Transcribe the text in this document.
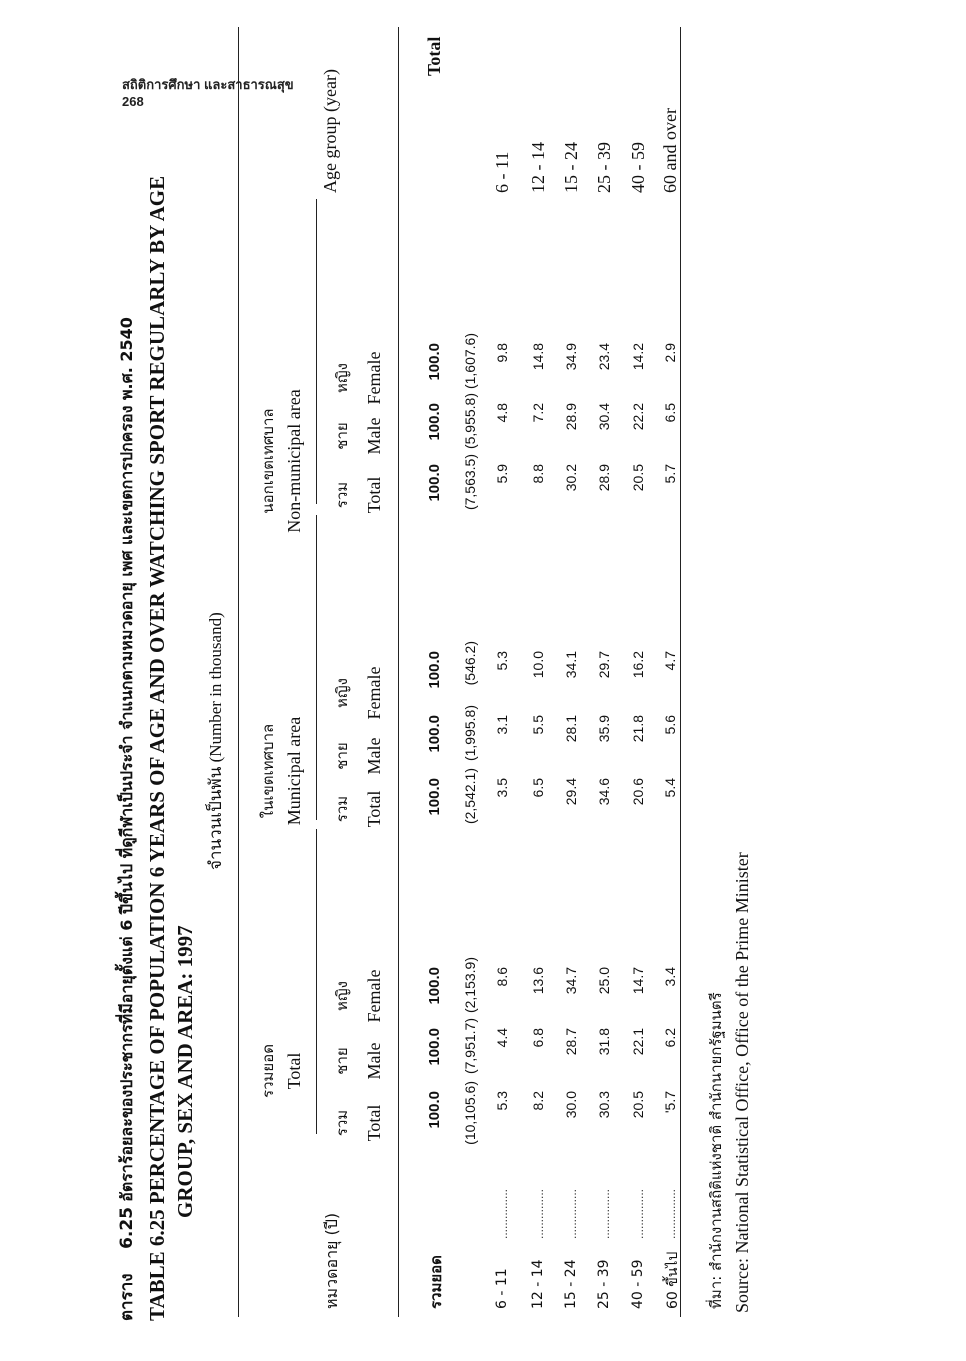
สถิติการศึกษา และสาธารณสุข
268
ตาราง  6.25 อัตราร้อยละของประชากรที่มีอายุตั้งแต่ 6 ปีขึ้นไป ที่ดูกีฬาเป็นประจำ จำแนกตามหมวดอายุ เพศ และเขตการปกครอง พ.ศ. 2540
TABLE 6.25 PERCENTAGE OF POPULATION 6 YEARS OF AGE AND OVER WATCHING SPORT REGULARLY BY AGE GROUP, SEX AND AREA: 1997
จำนวนเป็นพัน (Number in thousand)
หมวดอายุ (ปี)
Age group (year)
ที่มา: สำนักงานสถิติแห่งชาติ สำนักนายกรัฐมนตรี Source: National Statistical Office, Office of the Prime Minister
รวมยอด Total
รวม Total
ชาย Male
หญิง Female
ในเขตเทศบาล Municipal area รวม Total
ชาย Male
หญิง Female
นอกเขตเทศบาล Non-municipal area รวม Total
ชาย Male
หญิง Female
รวมยอด
Total
100.0
100.0
100.0
100.0
100.0
100.0
100.0
100.0
100.0
(10,105.6)
(7,951.7)
(2,153.9)
(2,542.1)
(1,995.8)
(546.2)
(7,563.5)
(5,955.8)
(1,607.6)
6 - 11
...............
6 - 11
5.3
4.4
8.6
3.5
3.1
5.3
5.9
4.8
9.8
12 - 14
...............
12 - 14
8.2
6.8
13.6
6.5
5.5
10.0
8.8
7.2
14.8
15 - 24
...............
15 - 24
30.0
28.7
34.7
29.4
28.1
34.1
30.2
28.9
34.9
25 - 39
...............
25 - 39
30.3
31.8
25.0
34.6
35.9
29.7
28.9
30.4
23.4
40 - 59
...............
40 - 59
20.5
22.1
14.7
20.6
21.8
16.2
20.5
22.2
14.2
60 ขึ้นไป
...............
60 and over
'5.7
6.2
3.4
5.4
5.6
4.7
5.7
6.5
2.9
